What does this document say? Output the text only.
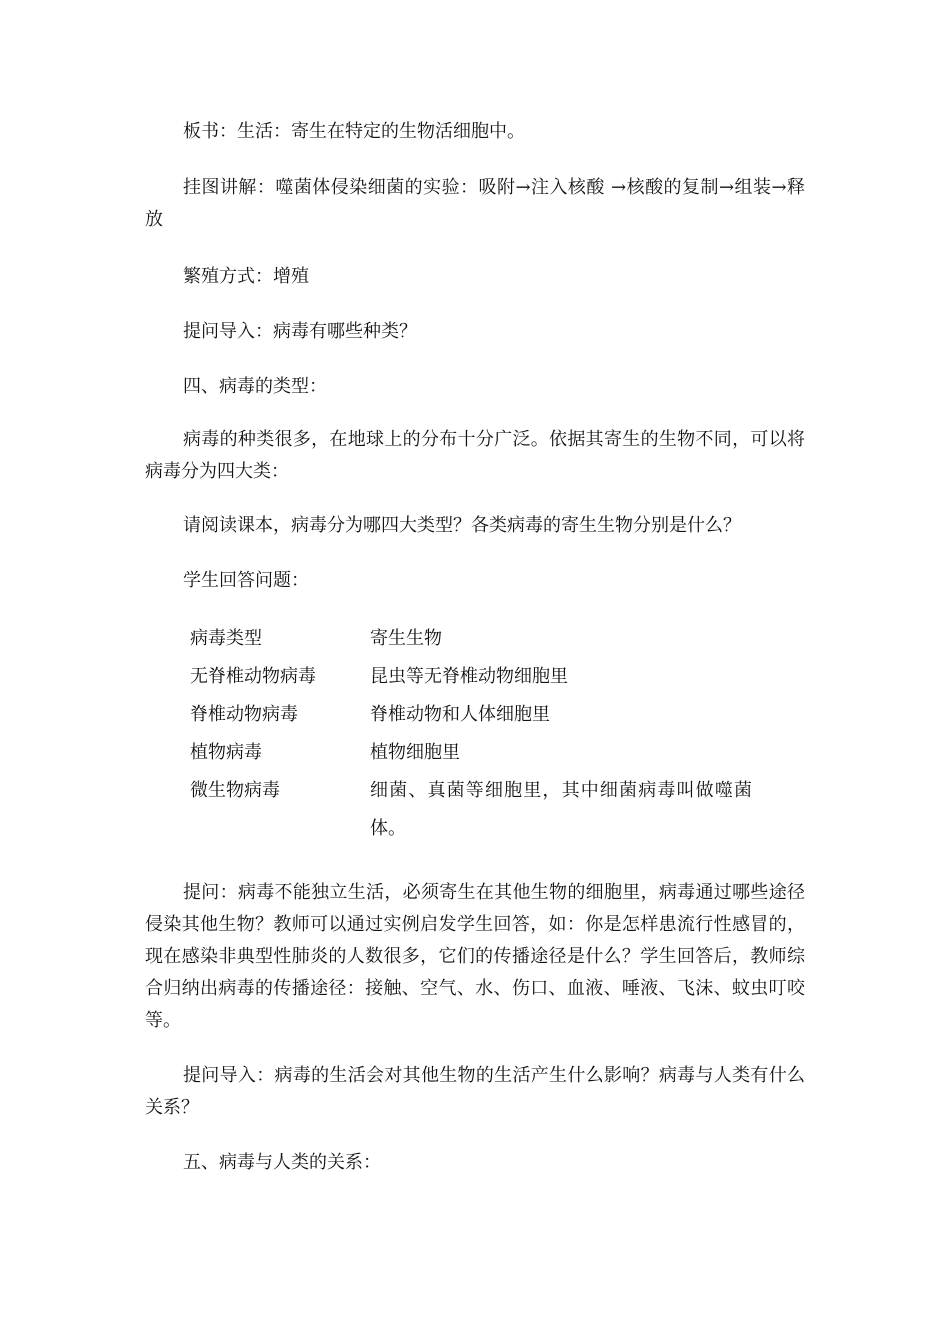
板书：生活：寄生在特定的生物活细胞中。

挂图讲解：噬菌体侵染细菌的实验：吸附→注入核酸 →核酸的复制→组装→释放

繁殖方式：增殖

提问导入：病毒有哪些种类？

四、病毒的类型：

病毒的种类很多，在地球上的分布十分广泛。依据其寄生的生物不同，可以将病毒分为四大类：

请阅读课本，病毒分为哪四大类型？各类病毒的寄生生物分别是什么？

学生回答问题：

病毒类型	寄生生物
无脊椎动物病毒	昆虫等无脊椎动物细胞里
脊椎动物病毒	脊椎动物和人体细胞里
植物病毒	植物细胞里
微生物病毒	细菌、真菌等细胞里，其中细菌病毒叫做噬菌体。

提问：病毒不能独立生活，必须寄生在其他生物的细胞里，病毒通过哪些途径侵染其他生物？教师可以通过实例启发学生回答，如：你是怎样患流行性感冒的，现在感染非典型性肺炎的人数很多，它们的传播途径是什么？学生回答后，教师综合归纳出病毒的传播途径：接触、空气、水、伤口、血液、唾液、飞沫、蚊虫叮咬等。

提问导入：病毒的生活会对其他生物的生活产生什么影响？病毒与人类有什么关系？

五、病毒与人类的关系：
